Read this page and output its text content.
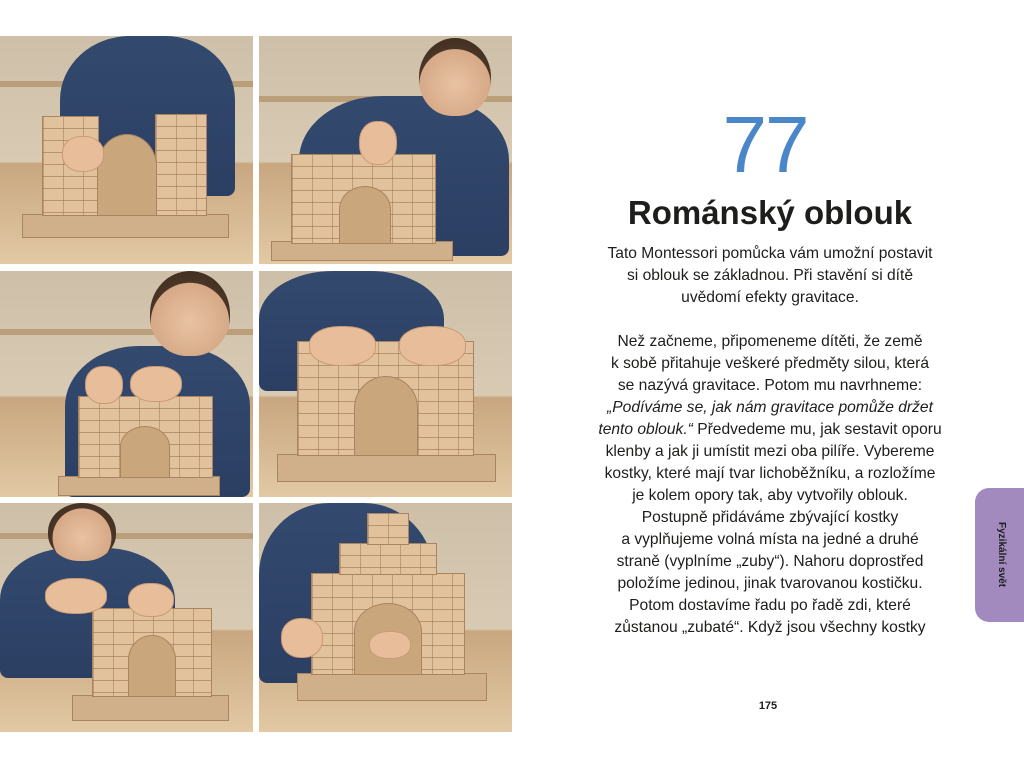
77
Románský oblouk
Tato Montessori pomůcka vám umožní postavit
si oblouk se základnou. Při stavění si dítě
uvědomí efekty gravitace.
Než začneme, připomeneme dítěti, že země
k sobě přitahuje veškeré předměty silou, která
se nazývá gravitace. Potom mu navrhneme:
„Podíváme se, jak nám gravitace pomůže držet
tento oblouk.“ Předvedeme mu, jak sestavit oporu
klenby a jak ji umístit mezi oba pilíře. Vybereme
kostky, které mají tvar lichoběžníku, a rozložíme
je kolem opory tak, aby vytvořily oblouk.
Postupně přidáváme zbývající kostky
a vyplňujeme volná místa na jedné a druhé
straně (vyplníme „zuby“). Nahoru doprostřed
položíme jedinou, jinak tvarovanou kostičku.
Potom dostavíme řadu po řadě zdi, které
zůstanou „zubaté“. Když jsou všechny kostky
Fyzikální svět
175
